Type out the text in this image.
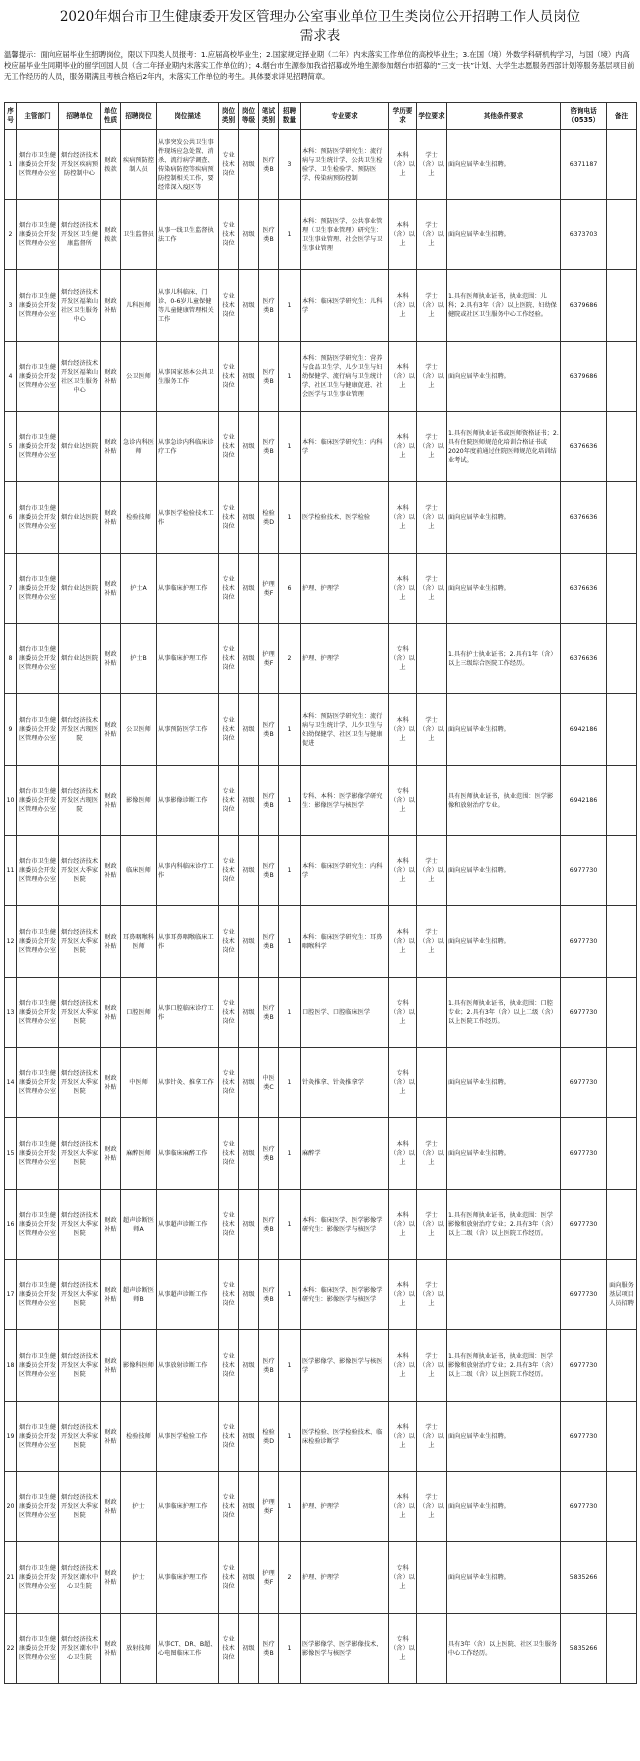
2020年烟台市卫生健康委开发区管理办公室事业单位卫生类岗位公开招聘工作人员岗位
需求表
温馨提示：面向应届毕业生招聘岗位，限以下四类人员报考：1.应届高校毕业生；2.国家规定择业期（二年）内未落实工作单位的高校毕业生；3.在国（境）外数学科研机构学习，与国（境）内高校应届毕业生同期毕业的留学回国人员（含二年择业期内未落实工作单位的）；4.烟台市生源参加我省招募或外地生源参加烟台市招募的“三支一扶”计划、大学生志愿服务西部计划等服务基层项目前无工作经历的人员，服务期满且考核合格后2年内，未落实工作单位的考生。具体要求详见招聘简章。
序号	主管部门	招聘单位	单位性质	招聘岗位	岗位描述	岗位类别	岗位等级	笔试类别	招聘数量	专业要求	学历要求	学位要求	其他条件要求	咨询电话（0535）	备注
1	烟台市卫生健康委员会开发区管理办公室	烟台经济技术开发区疾病预防控制中心	财政拨款	疾病预防控制人员	从事突发公共卫生事件现场应急处置、消杀、流行病学调查、传染病防控等疾病预防控制相关工作，要经常深入疫区等	专业技术岗位	初级	医疗类B	3	本科：预防医学研究生：流行病与卫生统计学、公共卫生检验学、卫生检验学、预防医学、传染病预防控制	本科（含）以上	学士（含）以上	面向应届毕业生招聘。	6371187	
2	烟台市卫生健康委员会开发区管理办公室	烟台经济技术开发区卫生健康监督所	财政拨款	卫生监督员	从事一线卫生监督执法工作	专业技术岗位	初级	医疗类B	1	本科：预防医学、公共事业管理（卫生事业管理）研究生：卫生事业管理、社会医学与卫生事业管理	本科（含）以上	学士（含）以上	面向应届毕业生招聘。	6373703	
3	烟台市卫生健康委员会开发区管理办公室	烟台经济技术开发区福莱山社区卫生服务中心	财政补贴	儿科医师	从事儿科临床、门诊、0-6岁儿童保健等儿童健康管理相关工作	专业技术岗位	初级	医疗类B	1	本科：临床医学研究生：儿科学	本科（含）以上	学士（含）以上	1.具有医师执业证书，执业范围：儿科；2.具有3年（含）以上医院、妇幼保健院或社区卫生服务中心工作经验。	6379686	
4	烟台市卫生健康委员会开发区管理办公室	烟台经济技术开发区福莱山社区卫生服务中心	财政补贴	公卫医师	从事国家基本公共卫生服务工作	专业技术岗位	初级	医疗类B	1	本科：预防医学研究生：营养与食品卫生学、儿少卫生与妇幼保健学、流行病与卫生统计学、社区卫生与健康促进、社会医学与卫生事业管理	本科（含）以上	学士（含）以上	面向应届毕业生招聘。	6379686	
5	烟台市卫生健康委员会开发区管理办公室	烟台业达医院	财政补贴	急诊内科医师	从事急诊内科临床诊疗工作	专业技术岗位	初级	医疗类B	1	本科：临床医学研究生：内科学	本科（含）以上	学士（含）以上	1.具有医师执业证书或医师资格证书；2.具有住院医师规范化培训合格证书或2020年度前通过住院医师规范化培训结业考试。	6376636	
6	烟台市卫生健康委员会开发区管理办公室	烟台业达医院	财政补贴	检验技师	从事医学检验技术工作	专业技术岗位	初级	检验类D	1	医学检验技术、医学检验	本科（含）以上	学士（含）以上	面向应届毕业生招聘。	6376636	
7	烟台市卫生健康委员会开发区管理办公室	烟台业达医院	财政补贴	护士A	从事临床护理工作	专业技术岗位	初级	护理类F	6	护理、护理学	本科（含）以上	学士（含）以上	面向应届毕业生招聘。	6376636	
8	烟台市卫生健康委员会开发区管理办公室	烟台业达医院	财政补贴	护士B	从事临床护理工作	专业技术岗位	初级	护理类F	2	护理、护理学	专科（含）以上		1.具有护士执业证书；2.具有1年（含）以上三级综合医院工作经历。	6376636	
9	烟台市卫生健康委员会开发区管理办公室	烟台经济技术开发区古现医院	财政补贴	公卫医师	从事预防医学工作	专业技术岗位	初级	医疗类B	1	本科：预防医学研究生：流行病与卫生统计学、儿少卫生与妇幼保健学、社区卫生与健康促进	本科（含）以上	学士（含）以上	面向应届毕业生招聘。	6942186	
10	烟台市卫生健康委员会开发区管理办公室	烟台经济技术开发区古现医院	财政补贴	影像医师	从事影像诊断工作	专业技术岗位	初级	医疗类B	1	专科、本科：医学影像学研究生：影像医学与核医学	专科（含）以上		具有医师执业证书，执业范围：医学影像和放射治疗专业。	6942186	
11	烟台市卫生健康委员会开发区管理办公室	烟台经济技术开发区大季家医院	财政补贴	临床医师	从事内科临床诊疗工作	专业技术岗位	初级	医疗类B	1	本科：临床医学研究生：内科学	本科（含）以上	学士（含）以上	面向应届毕业生招聘。	6977730	
12	烟台市卫生健康委员会开发区管理办公室	烟台经济技术开发区大季家医院	财政补贴	耳鼻咽喉科医师	从事耳鼻咽喉临床工作	专业技术岗位	初级	医疗类B	1	本科：临床医学研究生：耳鼻咽喉科学	本科（含）以上	学士（含）以上	面向应届毕业生招聘。	6977730	
13	烟台市卫生健康委员会开发区管理办公室	烟台经济技术开发区大季家医院	财政补贴	口腔医师	从事口腔临床诊疗工作	专业技术岗位	初级	医疗类B	1	口腔医学、口腔临床医学	专科（含）以上		1.具有医师执业证书，执业范围：口腔专业；2.具有3年（含）以上二级（含）以上医院工作经历。	6977730	
14	烟台市卫生健康委员会开发区管理办公室	烟台经济技术开发区大季家医院	财政补贴	中医师	从事针灸、推拿工作	专业技术岗位	初级	中医类C	1	针灸推拿、针灸推拿学	专科（含）以上		面向应届毕业生招聘。	6977730	
15	烟台市卫生健康委员会开发区管理办公室	烟台经济技术开发区大季家医院	财政补贴	麻醉医师	从事临床麻醉工作	专业技术岗位	初级	医疗类B	1	麻醉学	本科（含）以上	学士（含）以上	面向应届毕业生招聘。	6977730	
16	烟台市卫生健康委员会开发区管理办公室	烟台经济技术开发区大季家医院	财政补贴	超声诊断医师A	从事超声诊断工作	专业技术岗位	初级	医疗类B	1	本科：临床医学、医学影像学研究生：影像医学与核医学	本科（含）以上	学士（含）以上	1.具有医师执业证书，执业范围：医学影像和放射治疗专业；2.具有3年（含）以上二级（含）以上医院工作经历。	6977730	
17	烟台市卫生健康委员会开发区管理办公室	烟台经济技术开发区大季家医院	财政补贴	超声诊断医师B	从事超声诊断工作	专业技术岗位	初级	医疗类B	1	本科：临床医学、医学影像学研究生：影像医学与核医学	本科（含）以上	学士（含）以上		6977730	面向服务基层项目人员招聘
18	烟台市卫生健康委员会开发区管理办公室	烟台经济技术开发区大季家医院	财政补贴	影像科医师	从事放射诊断工作	专业技术岗位	初级	医疗类B	1	医学影像学、影像医学与核医学	本科（含）以上	学士（含）以上	1.具有医师执业证书，执业范围：医学影像和放射治疗专业；2.具有3年（含）以上二级（含）以上医院工作经历。	6977730	
19	烟台市卫生健康委员会开发区管理办公室	烟台经济技术开发区大季家医院	财政补贴	检验技师	从事医学检验工作	专业技术岗位	初级	检验类D	1	医学检验、医学检验技术、临床检验诊断学	本科（含）以上	学士（含）以上	面向应届毕业生招聘。	6977730	
20	烟台市卫生健康委员会开发区管理办公室	烟台经济技术开发区大季家医院	财政补贴	护士	从事临床护理工作	专业技术岗位	初级	护理类F	1	护理、护理学	本科（含）以上	学士（含）以上	面向应届毕业生招聘。	6977730	
21	烟台市卫生健康委员会开发区管理办公室	烟台经济技术开发区潮水中心卫生院	财政补贴	护士	从事临床护理工作	专业技术岗位	初级	护理类F	2	护理、护理学	专科（含）以上		面向应届毕业生招聘。	5835266	
22	烟台市卫生健康委员会开发区管理办公室	烟台经济技术开发区潮水中心卫生院	财政补贴	放射技师	从事CT、DR、B超、心电图临床工作	专业技术岗位	初级	医疗类B	1	医学影像学、医学影像技术、影像医学与核医学	专科（含）以上		具有3年（含）以上医院、社区卫生服务中心工作经历。	5835266	
